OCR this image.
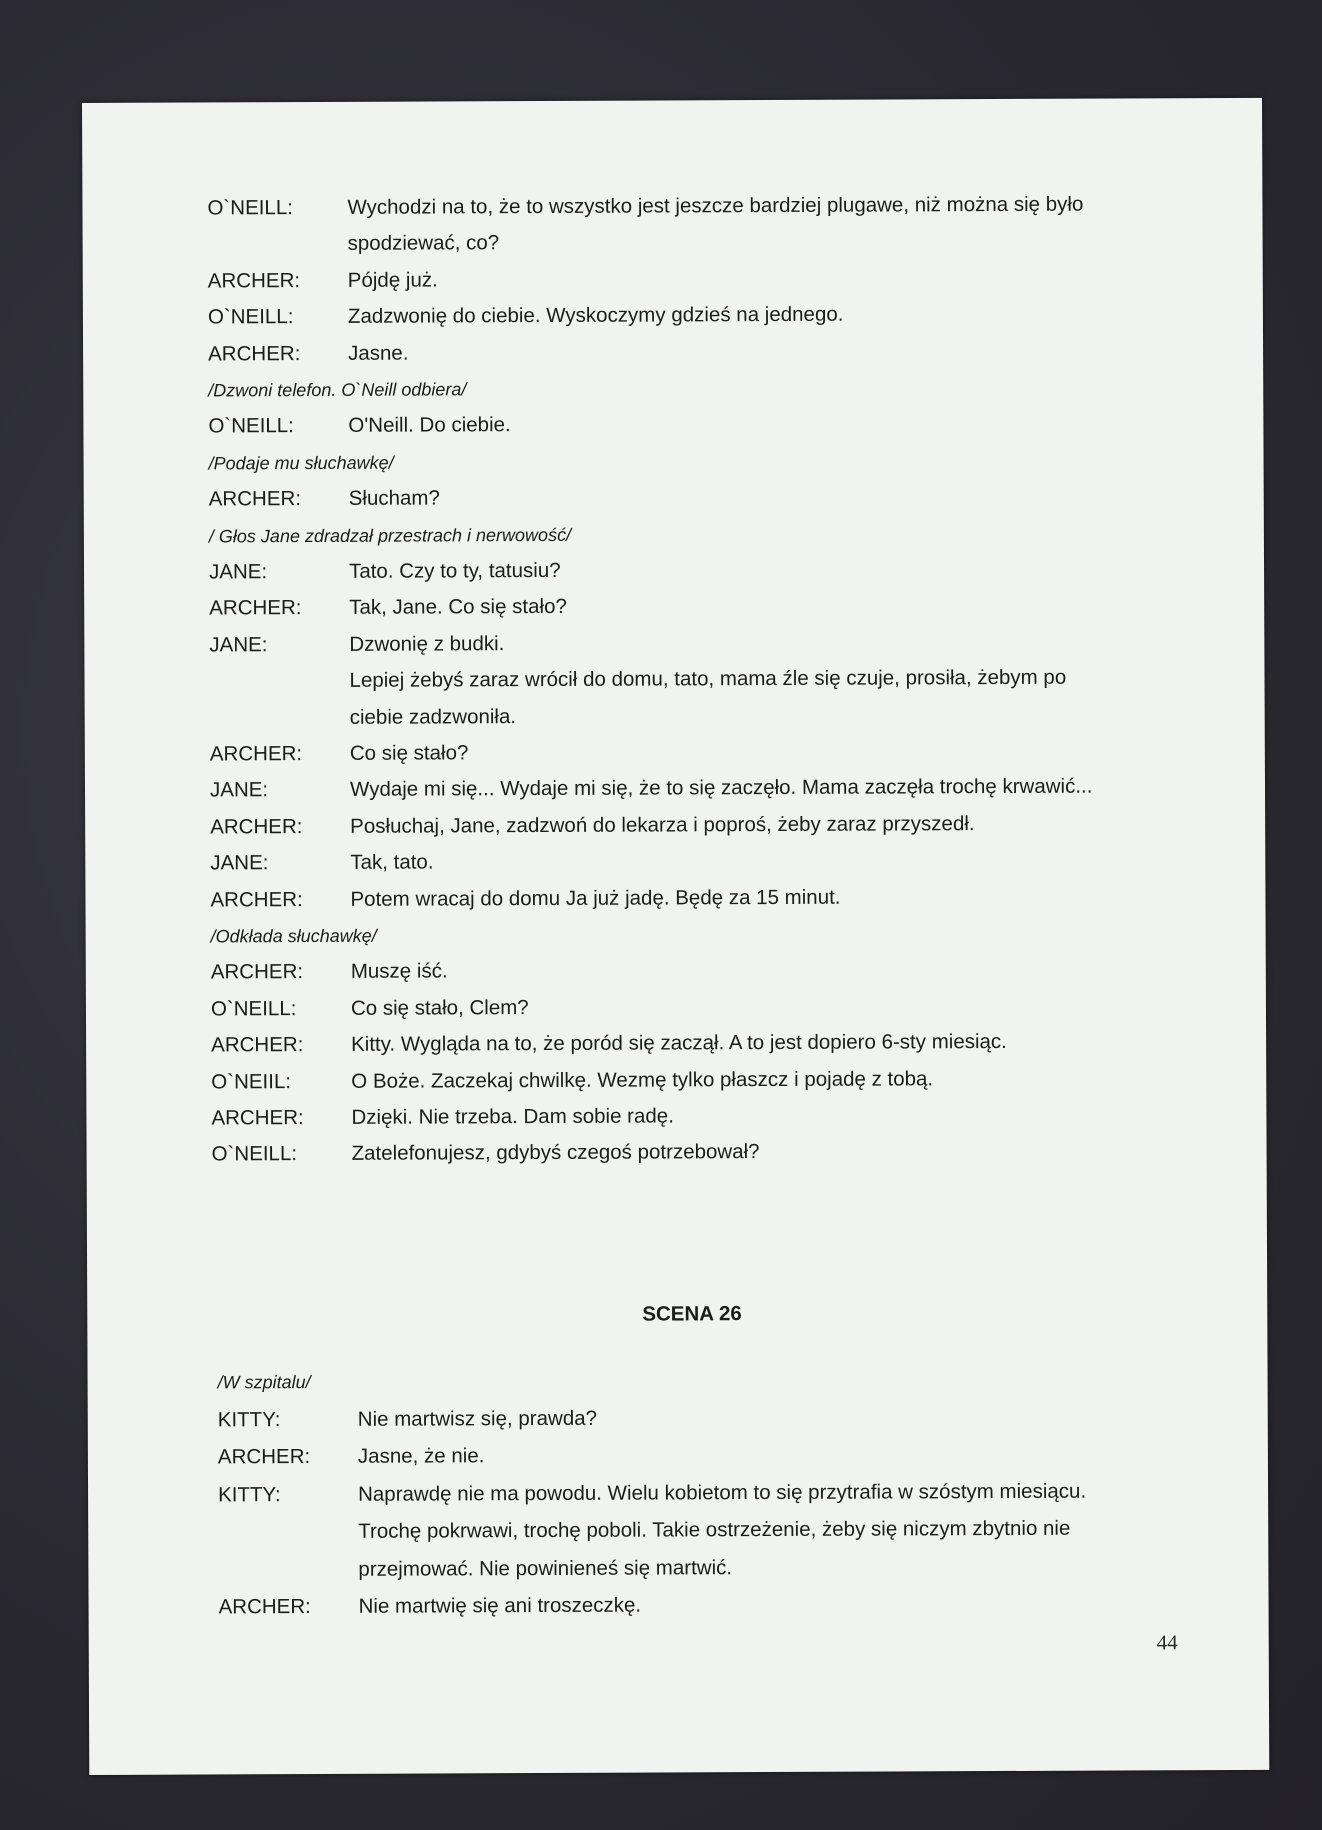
O`NEILL:	Wychodzi na to, że to wszystko jest jeszcze bardziej plugawe, niż można się było
spodziewać, co?
ARCHER: Pójdę już.
O`NEILL:	Zadzwonię do ciebie. Wyskoczymy gdzieś na jednego.
ARCHER: Jasne.
/Dzwoni telefon. O`Neill odbiera/
O`NEILL:	O'Neill. Do ciebie.
/Podaje mu słuchawkę/
ARCHER: Słucham?
/ Głos Jane zdradzał przestrach i nerwowość/
JANE:	Tato. Czy to ty, tatusiu?
ARCHER: Tak, Jane. Co się stało?
JANE:	Dzwonię z budki.
Lepiej żebyś zaraz wrócił do domu, tato, mama źle się czuje, prosiła, żebym po
ciebie zadzwoniła.
ARCHER: Co się stało?
JANE:	Wydaje mi się... Wydaje mi się, że to się zaczęło. Mama zaczęła trochę krwawić...
ARCHER: Posłuchaj, Jane, zadzwoń do lekarza i poproś, żeby zaraz przyszedł.
JANE:	Tak, tato.
ARCHER: Potem wracaj do domu Ja już jadę. Będę za 15 minut.
/Odkłada słuchawkę/
ARCHER: Muszę iść.
O`NEILL:	Co się stało, Clem?
ARCHER: Kitty. Wygląda na to, że poród się zaczął. A to jest dopiero 6-sty miesiąc.
O`NEIIL:	O Boże. Zaczekaj chwilkę. Wezmę tylko płaszcz i pojadę z tobą.
ARCHER: Dzięki. Nie trzeba. Dam sobie radę.
O`NEILL:	Zatelefonujesz, gdybyś czegoś potrzebował?
SCENA 26
/W szpitalu/
KITTY:	Nie martwisz się, prawda?
ARCHER: Jasne, że nie.
KITTY:	Naprawdę nie ma powodu. Wielu kobietom to się przytrafia w szóstym miesiącu.
Trochę pokrwawi, trochę poboli. Takie ostrzeżenie, żeby się niczym zbytnio nie
przejmować. Nie powinieneś się martwić.
ARCHER: Nie martwię się ani troszeczkę.
44
